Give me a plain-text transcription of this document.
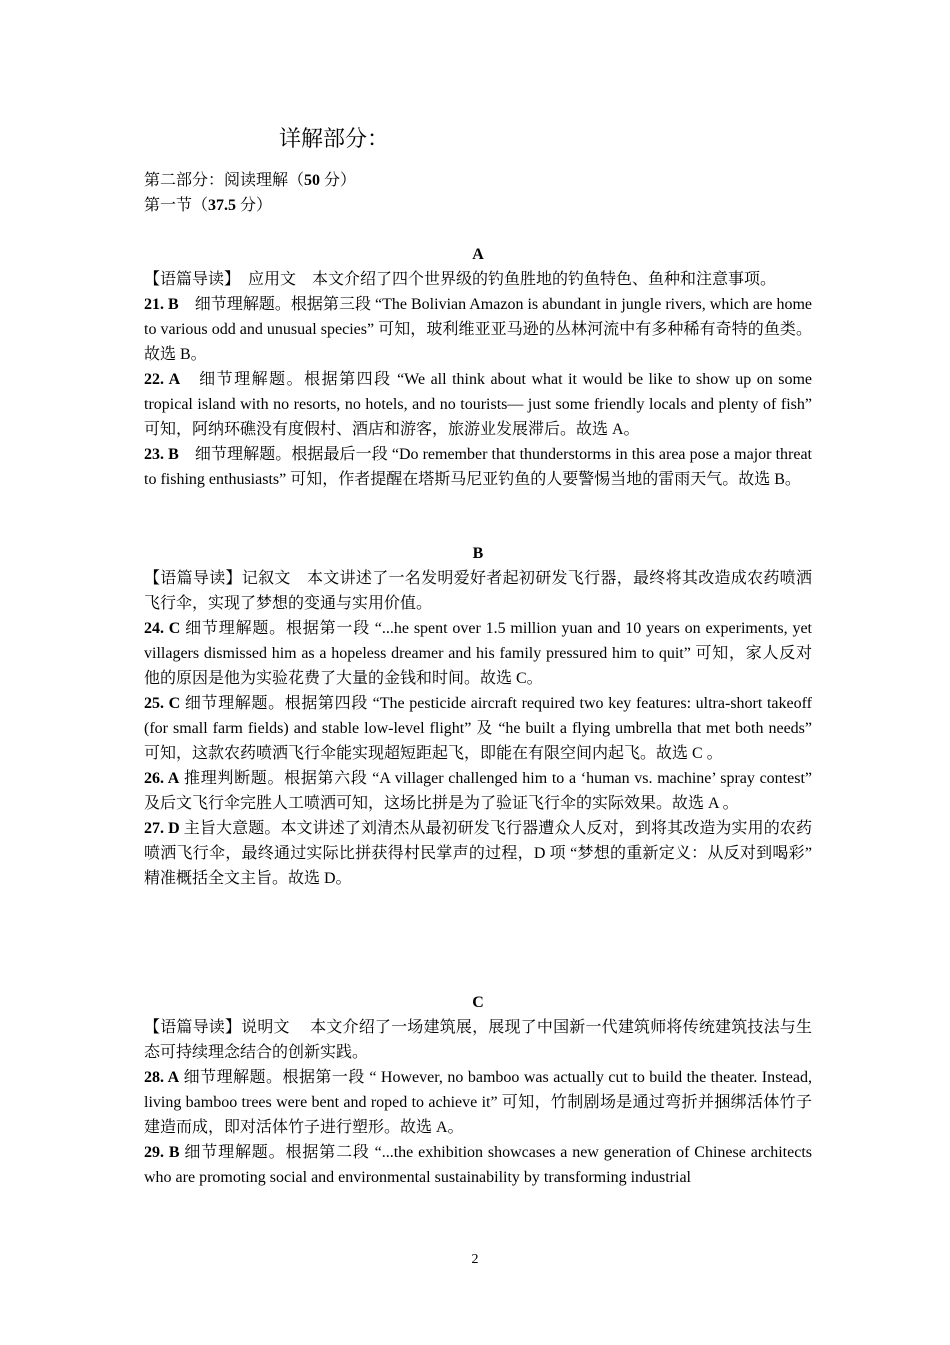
详解部分：
第二部分：阅读理解（50 分）
第一节（37.5 分）
A

【语篇导读】　应用文　本文介绍了四个世界级的钓鱼胜地的钓鱼特色、鱼种和注意事项。

21. B　细节理解题。根据第三段 “The Bolivian Amazon is abundant in jungle rivers, which are home to various odd and unusual species” 可知，玻利维亚亚马逊的丛林河流中有多种稀有奇特的鱼类。故选 B。

22. A　细节理解题。根据第四段 “We all think about what it would be like to show up on some tropical island with no resorts, no hotels, and no tourists— just some friendly locals and plenty of fish” 可知，阿纳环礁没有度假村、酒店和游客，旅游业发展滞后。故选 A。

23. B　细节理解题。根据最后一段 “Do remember that thunderstorms in this area pose a major threat to fishing enthusiasts” 可知，作者提醒在塔斯马尼亚钓鱼的人要警惕当地的雷雨天气。故选 B。

B

【语篇导读】记叙文　本文讲述了一名发明爱好者起初研发飞行器，最终将其改造成农药喷洒飞行伞，实现了梦想的变通与实用价值。

24. C 细节理解题。根据第一段 “...he spent over 1.5 million yuan and 10 years on experiments, yet villagers dismissed him as a hopeless dreamer and his family pressured him to quit” 可知，家人反对他的原因是他为实验花费了大量的金钱和时间。故选 C。

25. C 细节理解题。根据第四段 “The pesticide aircraft required two key features: ultra-short takeoff (for small farm fields) and stable low-level flight” 及 “he built a flying umbrella that met both needs” 可知，这款农药喷洒飞行伞能实现超短距起飞，即能在有限空间内起飞。故选 C 。

26. A 推理判断题。根据第六段 “A villager challenged him to a ‘human vs. machine’ spray contest” 及后文飞行伞完胜人工喷洒可知，这场比拼是为了验证飞行伞的实际效果。故选 A 。

27. D 主旨大意题。本文讲述了刘清杰从最初研发飞行器遭众人反对，到将其改造为实用的农药喷洒飞行伞，最终通过实际比拼获得村民掌声的过程，D 项 “梦想的重新定义：从反对到喝彩” 精准概括全文主旨。故选 D。

C

【语篇导读】说明文　 本文介绍了一场建筑展，展现了中国新一代建筑师将传统建筑技法与生态可持续理念结合的创新实践。

28. A 细节理解题。根据第一段 “ However, no bamboo was actually cut to build the theater. Instead, living bamboo trees were bent and roped to achieve it” 可知，竹制剧场是通过弯折并捆绑活体竹子建造而成，即对活体竹子进行塑形。故选 A。

29. B 细节理解题。根据第二段 “...the exhibition showcases a new generation of Chinese architects who are promoting social and environmental sustainability by transforming industrial

2
